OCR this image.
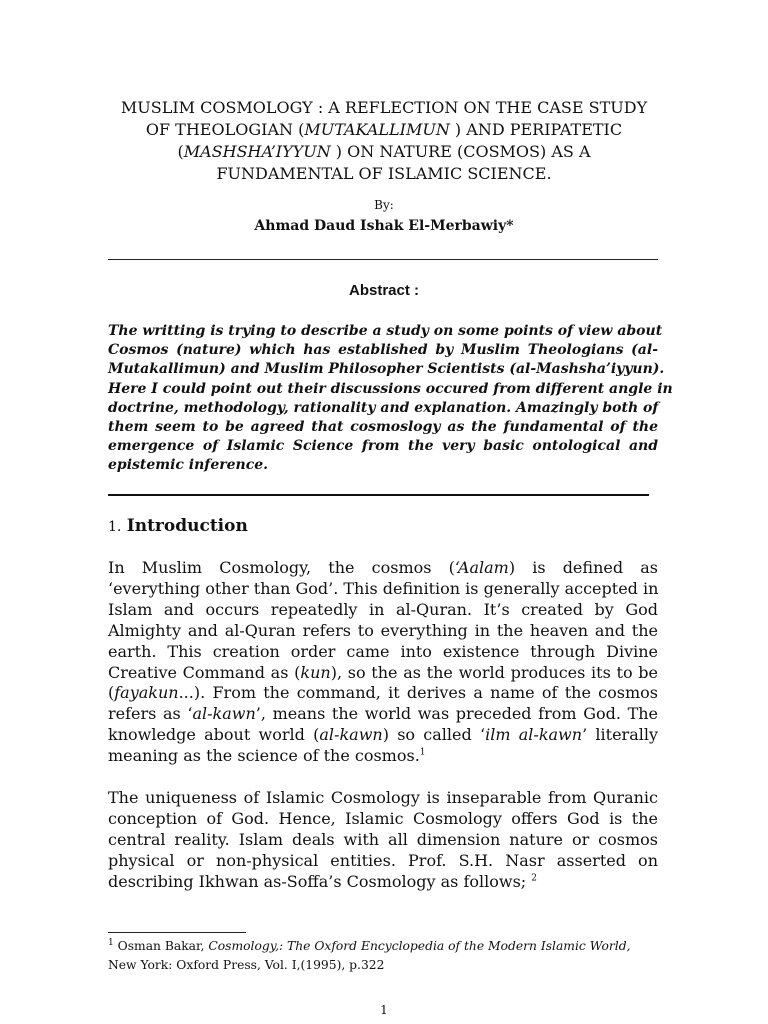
MUSLIM COSMOLOGY : A REFLECTION ON THE CASE STUDY
OF THEOLOGIAN (MUTAKALLIMUN ) AND PERIPATETIC
(MASHSHA’IYYUN ) ON NATURE (COSMOS) AS A
FUNDAMENTAL OF ISLAMIC SCIENCE.
By:
Ahmad Daud Ishak El-Merbawiy*
Abstract :
The writting is trying to describe a study on some points of view about
Cosmos (nature) which has established by Muslim Theologians (al-
Mutakallimun) and Muslim Philosopher Scientists (al-Mashsha’iyyun).
Here I could point out their discussions occured from different angle in
doctrine, methodology, rationality and explanation. Amazingly both of
them seem to be agreed that cosmoslogy as the fundamental of the
emergence of Islamic Science from the very basic ontological and
epistemic inference.
1. Introduction
In Muslim Cosmology, the cosmos (‘Aalam) is defined as
‘everything other than God’. This definition is generally accepted in
Islam and occurs repeatedly in al-Quran. It’s created by God
Almighty and al-Quran refers to everything in the heaven and the
earth. This creation order came into existence through Divine
Creative Command as (kun), so the as the world produces its to be
(fayakun...). From the command, it derives a name of the cosmos
refers as ‘al-kawn’, means the world was preceded from God. The
knowledge about world (al-kawn) so called ‘ilm al-kawn’ literally
meaning as the science of the cosmos.$^1$
The uniqueness of Islamic Cosmology is inseparable from Quranic
conception of God. Hence, Islamic Cosmology offers God is the
central reality. Islam deals with all dimension nature or cosmos
physical or non-physical entities. Prof. S.H. Nasr asserted on
describing Ikhwan as-Soffa’s Cosmology as follows; $^2$
$^1$ Osman Bakar, Cosmology,: The Oxford Encyclopedia of the Modern Islamic World,
New York: Oxford Press, Vol. I,(1995), p.322
1
